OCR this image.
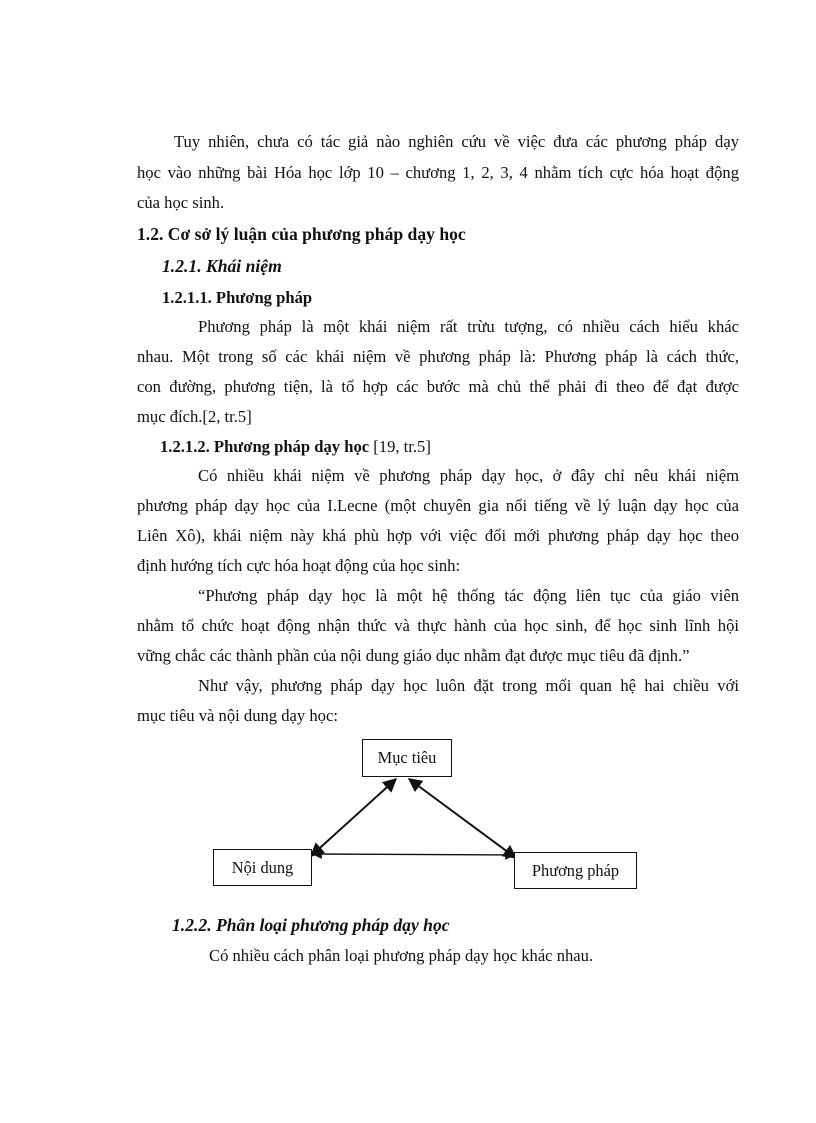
Tuy nhiên, chưa có tác giả nào nghiên cứu về việc đưa các phương pháp dạy

học vào những bài Hóa học lớp 10 – chương 1, 2, 3, 4 nhằm tích cực hóa hoạt động

của học sinh.

1.2. Cơ sở lý luận của phương pháp dạy học

1.2.1. Khái niệm

1.2.1.1. Phương pháp

Phương pháp là một khái niệm rất trừu tượng, có nhiều cách hiểu khác

nhau. Một trong số các khái niệm về phương pháp là: Phương pháp là cách thức,

con đường, phương tiện, là tổ hợp các bước mà chủ thể phải đi theo để đạt được

mục đích.[2, tr.5]

1.2.1.2. Phương pháp dạy học [19, tr.5]

Có nhiều khái niệm về phương pháp dạy học, ở đây chỉ nêu khái niệm

phương pháp dạy học của I.Lecne (một chuyên gia nổi tiếng về lý luận dạy học của

Liên Xô), khái niệm này khá phù hợp với việc đổi mới phương pháp dạy học theo

định hướng tích cực hóa hoạt động của học sinh:

“Phương pháp dạy học là một hệ thống tác động liên tục của giáo viên

nhằm tổ chức hoạt động nhận thức và thực hành của học sinh, để học sinh lĩnh hội

vững chắc các thành phần của nội dung giáo dục nhằm đạt được mục tiêu đã định.”

Như vậy, phương pháp dạy học luôn đặt trong mối quan hệ hai chiều với

mục tiêu và nội dung dạy học:

Mục tiêu
Nội dung	Phương pháp

1.2.2. Phân loại phương pháp dạy học

Có nhiều cách phân loại phương pháp dạy học khác nhau.
